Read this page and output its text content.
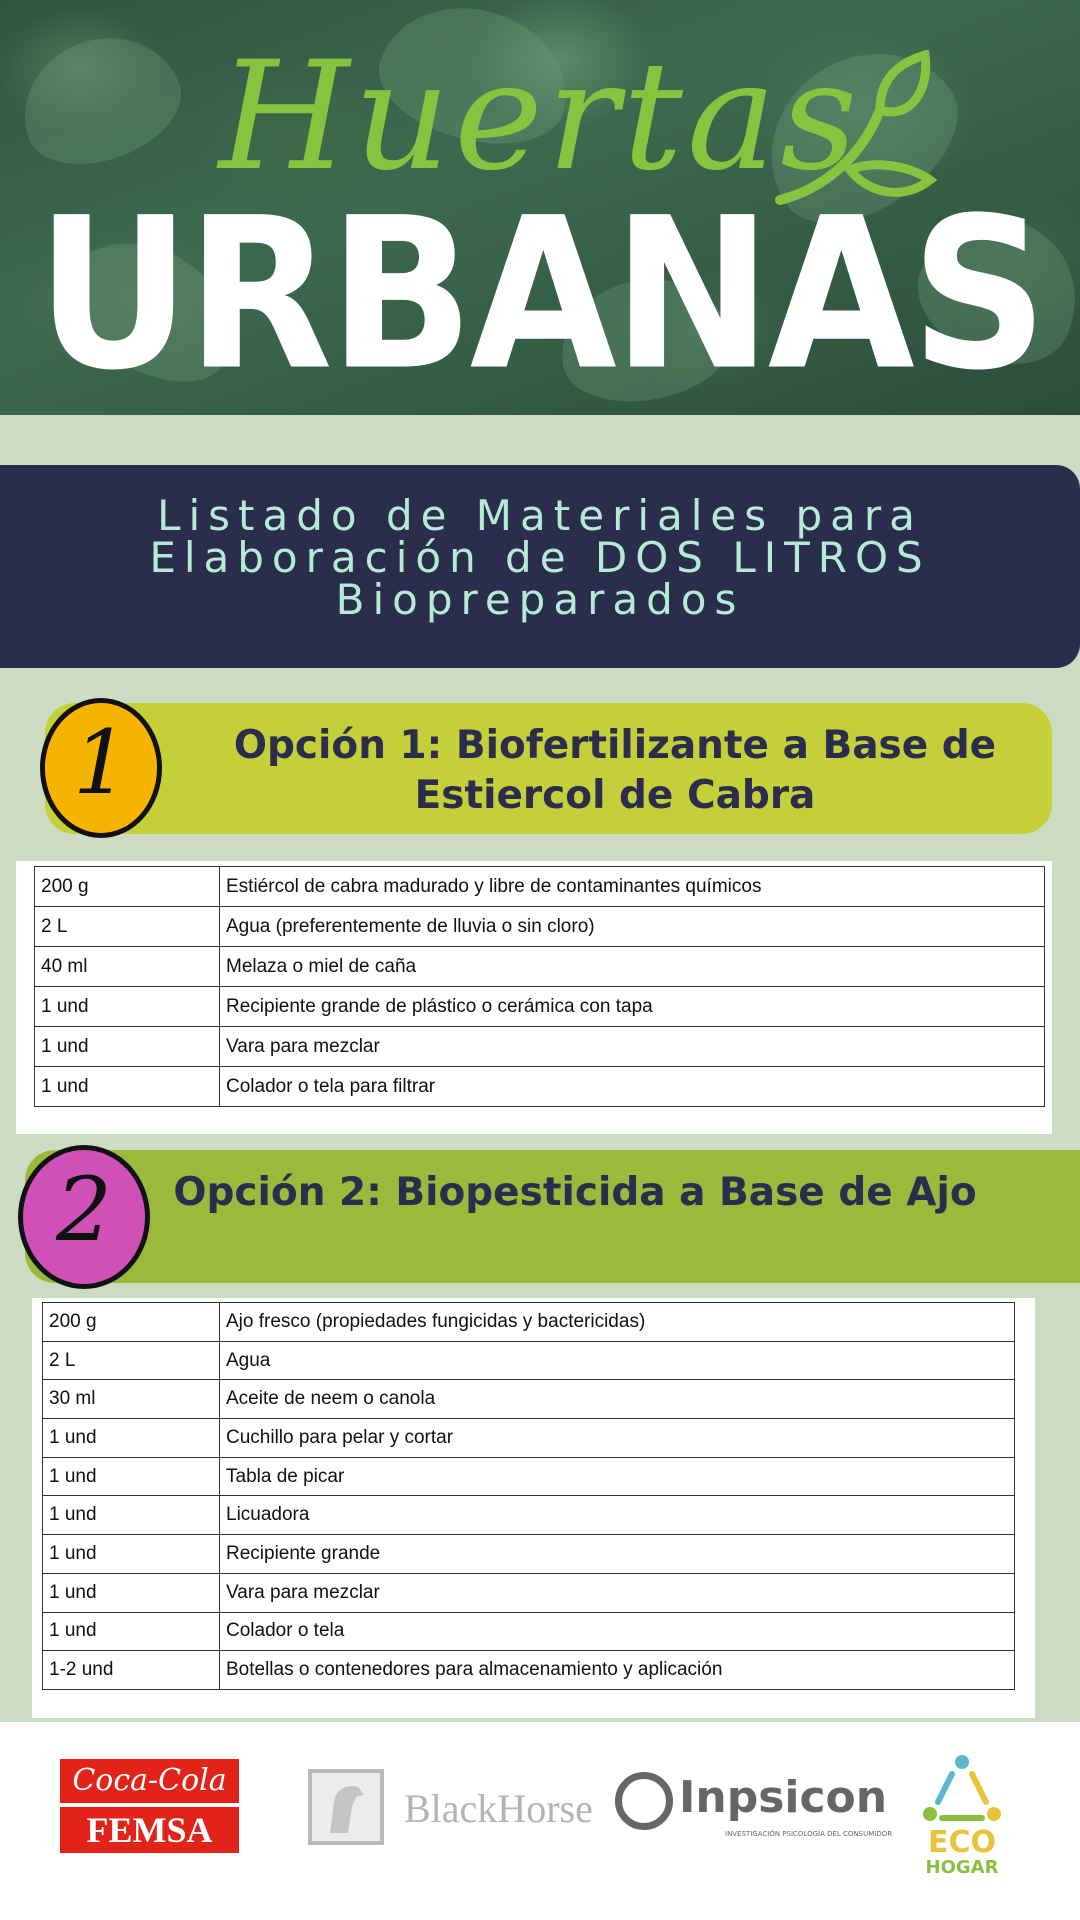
Huertas
URBANAS
Listado de Materiales para
Elaboración de DOS LITROS
Biopreparados
Opción 1: Biofertilizante a Base de Estiercol de Cabra
1
200 g	Estiércol de cabra madurado y libre de contaminantes químicos
2 L	Agua (preferentemente de lluvia o sin cloro)
40 ml	Melaza o miel de caña
1 und	Recipiente grande de plástico o cerámica con tapa
1 und	Vara para mezclar
1 und	Colador o tela para filtrar
Opción 2: Biopesticida a Base de Ajo
2
200 g	Ajo fresco (propiedades fungicidas y bactericidas)
2 L	Agua
30 ml	Aceite de neem o canola
1 und	Cuchillo para pelar y cortar
1 und	Tabla de picar
1 und	Licuadora
1 und	Recipiente grande
1 und	Vara para mezclar
1 und	Colador o tela
1-2 und	Botellas o contenedores para almacenamiento y aplicación
Coca-Cola
FEMSA	BlackHorse Inpsicon
INVESTIGACIÓN PSICOLOGÍA DEL CONSUMIDOR	ECO
HOGAR
